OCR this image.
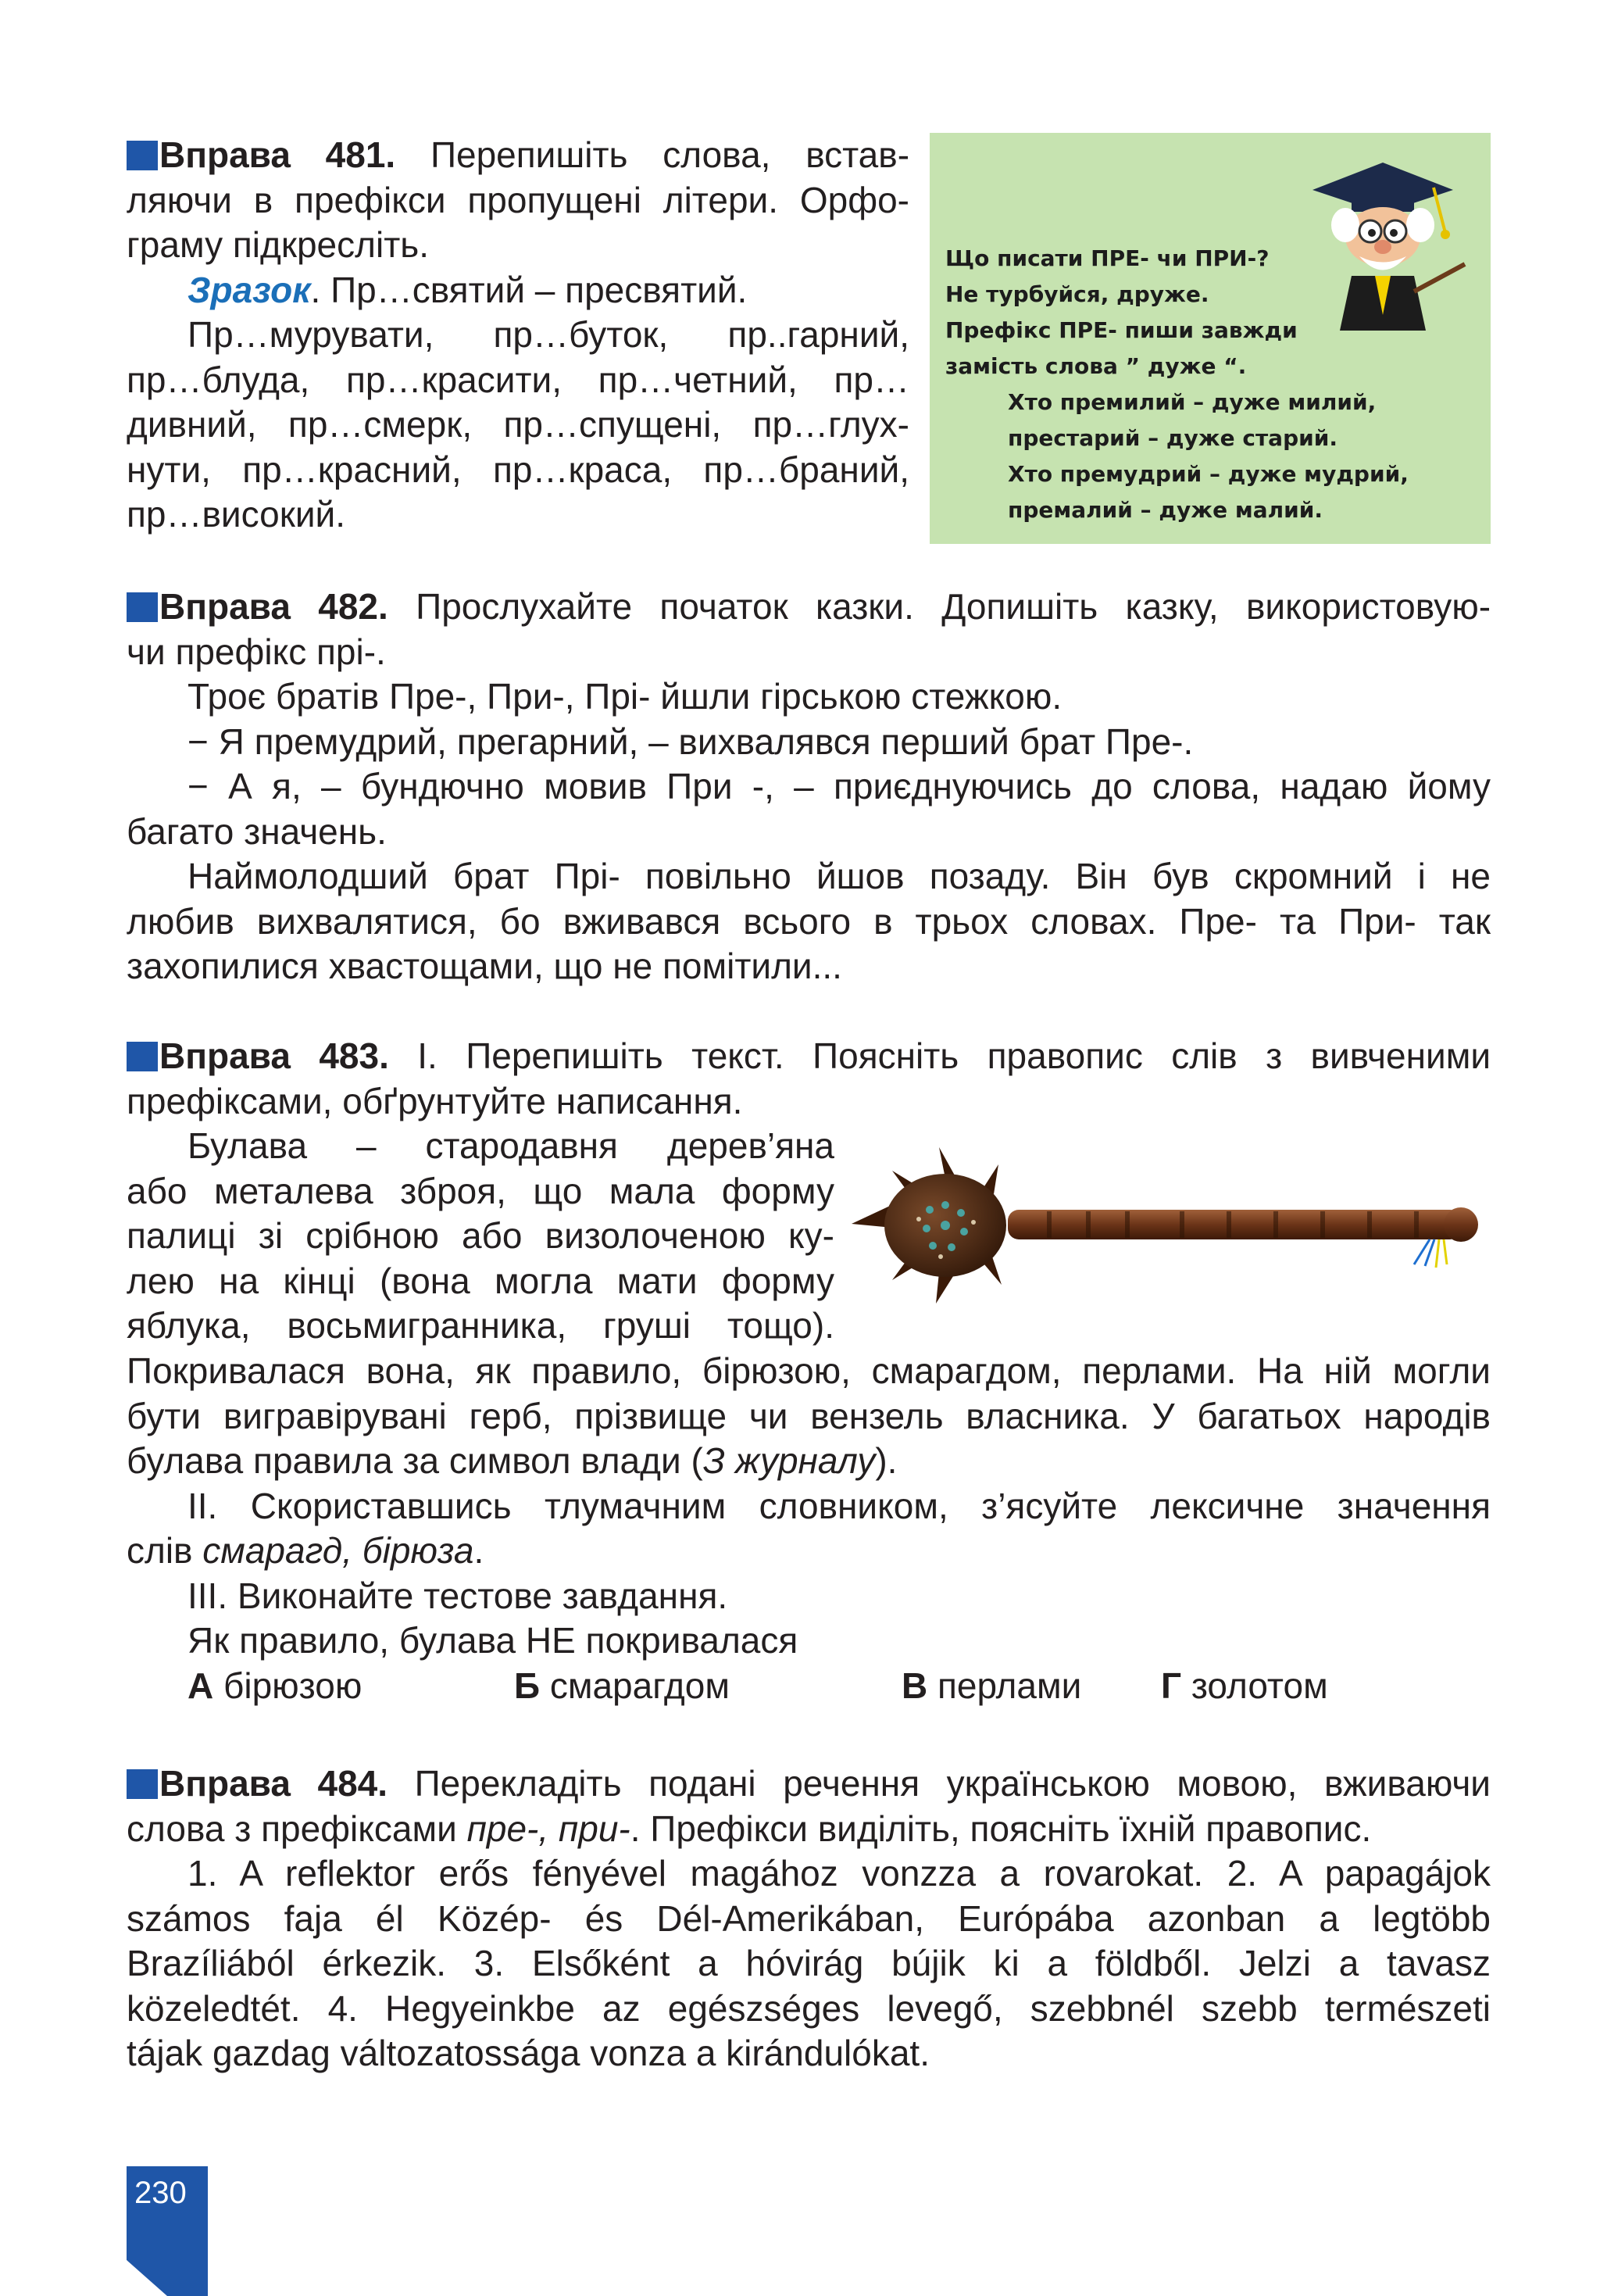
Вправа 481. Перепишіть слова, встав-
ляючи в префікси пропущені літери. Орфо-
граму підкресліть.
Зразок. Пр…святий – пресвятий.
Пр…мурувати, пр…буток, пр..гарний,
пр…блуда, пр…красити, пр…четний, пр…
дивний, пр…смерк, пр…спущені, пр…глух-
нути, пр…красний, пр…краса, пр…браний,
пр…високий.
Що писати ПРЕ- чи ПРИ-?
Не турбуйся, друже.
Префікс ПРЕ- пиши завжди
замість слова ” дуже “.
Хто премилий – дуже милий,
престарий – дуже старий.
Хто премудрий – дуже мудрий,
премалий – дуже малий.
Вправа 482. Прослухайте початок казки. Допишіть казку, використовую-
чи префікс прі-.
Троє братів Пре-, При-, Прі- йшли гірською стежкою.
− Я премудрий, прегарний, – вихвалявся перший брат Пре-.
− А я, – бундючно мовив При -, – приєднуючись до слова, надаю йому
багато значень.
Наймолодший брат Прі- повільно йшов позаду. Він був скромний і не
любив вихвалятися, бо вживався всього в трьох словах. Пре- та При- так
захопилися хвастощами, що не помітили...
Вправа 483. І. Перепишіть текст. Поясніть правопис слів з вивченими
префіксами, обґрунтуйте написання.
Булава – стародавня дерев’яна
або металева зброя, що мала форму
палиці зі срібною або визолоченою ку-
лею на кінці (вона могла мати форму
яблука, восьмигранника, груші тощо).
Покривалася вона, як правило, бірюзою, смарагдом, перлами. На ній могли
бути вигравірувані герб, прізвище чи вензель власника. У багатьох народів
булава правила за символ влади (З журналу).
ІІ. Скориставшись тлумачним словником, з’ясуйте лексичне значення
слів смарагд, бірюза.
ІІІ. Виконайте тестове завдання.
Як правило, булава НЕ покривалася
А бірюзою	Б смарагдом	В перлами Г золотом
Вправа 484. Перекладіть подані речення українською мовою, вживаючи
слова з префіксами пре-, при-. Префікси виділіть, поясніть їхній правопис.
1. A reflektor erős fényével magához vonzza a rovarokat. 2. A papagájok
számos faja él Közép- és Dél-Amerikában, Európába azonban a legtöbb
Brazíliából érkezik. 3. Elsőként a hóvirág bújik ki a földből. Jelzi a tavasz
közeledtét. 4. Hegyeinkbe az egészséges levegő, szebbnél szebb természeti
tájak gazdag változatossága vonza a kirándulókat.
230
